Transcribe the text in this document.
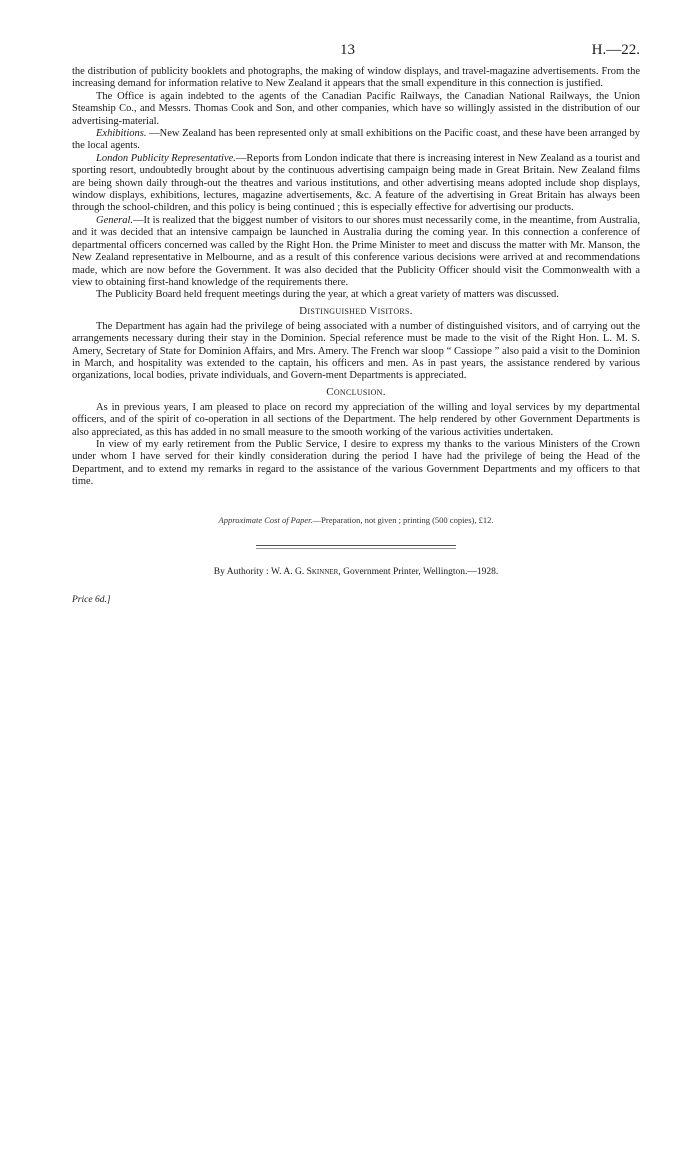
13	H.—22.

the distribution of publicity booklets and photographs, the making of window displays, and travel-magazine advertisements. From the increasing demand for information relative to New Zealand it appears that the small expenditure in this connection is justified.

The Office is again indebted to the agents of the Canadian Pacific Railways, the Canadian National Railways, the Union Steamship Co., and Messrs. Thomas Cook and Son, and other companies, which have so willingly assisted in the distribution of our advertising-material.

Exhibitions. —New Zealand has been represented only at small exhibitions on the Pacific coast, and these have been arranged by the local agents.

London Publicity Representative.—Reports from London indicate that there is increasing interest in New Zealand as a tourist and sporting resort, undoubtedly brought about by the continuous advertising campaign being made in Great Britain. New Zealand films are being shown daily through-out the theatres and various institutions, and other advertising means adopted include shop displays, window displays, exhibitions, lectures, magazine advertisements, &c. A feature of the advertising in Great Britain has always been through the school-children, and this policy is being continued ; this is especially effective for advertising our products.

General.—It is realized that the biggest number of visitors to our shores must necessarily come, in the meantime, from Australia, and it was decided that an intensive campaign be launched in Australia during the coming year. In this connection a conference of departmental officers concerned was called by the Right Hon. the Prime Minister to meet and discuss the matter with Mr. Manson, the New Zealand representative in Melbourne, and as a result of this conference various decisions were arrived at and recommendations made, which are now before the Government. It was also decided that the Publicity Officer should visit the Commonwealth with a view to obtaining first-hand knowledge of the requirements there.

The Publicity Board held frequent meetings during the year, at which a great variety of matters was discussed.

Distinguished Visitors.

The Department has again had the privilege of being associated with a number of distinguished visitors, and of carrying out the arrangements necessary during their stay in the Dominion. Special reference must be made to the visit of the Right Hon. L. M. S. Amery, Secretary of State for Dominion Affairs, and Mrs. Amery. The French war sloop “ Cassiope ” also paid a visit to the Dominion in March, and hospitality was extended to the captain, his officers and men. As in past years, the assistance rendered by various organizations, local bodies, private individuals, and Govern-ment Departments is appreciated.

Conclusion.

As in previous years, I am pleased to place on record my appreciation of the willing and loyal services by my departmental officers, and of the spirit of co-operation in all sections of the Department. The help rendered by other Government Departments is also appreciated, as this has added in no small measure to the smooth working of the various activities undertaken.

In view of my early retirement from the Public Service, I desire to express my thanks to the various Ministers of the Crown under whom I have served for their kindly consideration during the period I have had the privilege of being the Head of the Department, and to extend my remarks in regard to the assistance of the various Government Departments and my officers to that time.

Approximate Cost of Paper.—Preparation, not given ; printing (500 copies), £12.
By Authority : W. A. G. Skinner, Government Printer, Wellington.—1928.
Price 6d.]
